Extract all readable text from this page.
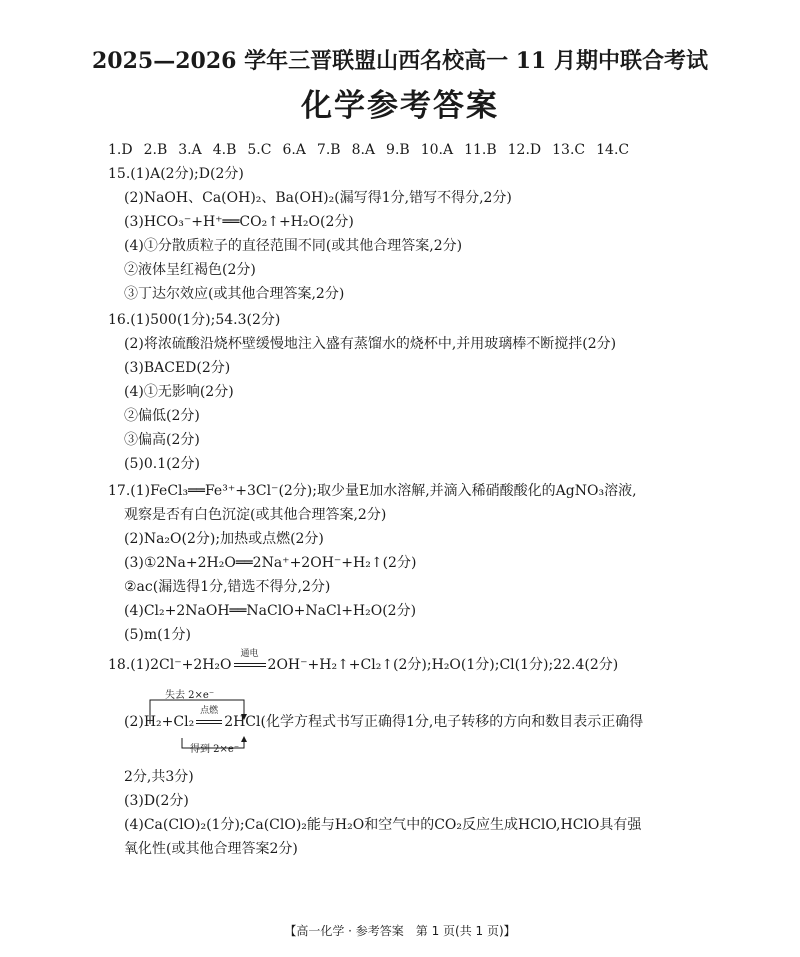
2025—2026 学年三晋联盟山西名校高一 11 月期中联合考试
化学参考答案
1.D 2.B 3.A 4.B 5.C 6.A 7.B 8.A 9.B 10.A 11.B 12.D 13.C 14.C
15.(1)A(2分);D(2分)
(2)NaOH、Ca(OH)₂、Ba(OH)₂(漏写得1分,错写不得分,2分)
(3)HCO₃⁻+H⁺══CO₂↑+H₂O(2分)
(4)①分散质粒子的直径范围不同(或其他合理答案,2分)
②液体呈红褐色(2分)
③丁达尔效应(或其他合理答案,2分)
16.(1)500(1分);54.3(2分)
(2)将浓硫酸沿烧杯壁缓慢地注入盛有蒸馏水的烧杯中,并用玻璃棒不断搅拌(2分)
(3)BACED(2分)
(4)①无影响(2分)
②偏低(2分)
③偏高(2分)
(5)0.1(2分)
17.(1)FeCl₃══Fe³⁺+3Cl⁻(2分);取少量E加水溶解,并滴入稀硝酸酸化的AgNO₃溶液,
观察是否有白色沉淀(或其他合理答案,2分)
(2)Na₂O(2分);加热或点燃(2分)
(3)①2Na+2H₂O══2Na⁺+2OH⁻+H₂↑(2分)
②ac(漏选得1分,错选不得分,2分)
(4)Cl₂+2NaOH══NaClO+NaCl+H₂O(2分)
(5)m(1分)
18.(1)2Cl⁻+2H₂O
通电
2OH⁻+H₂↑+Cl₂↑(2分);H₂O(1分);Cl(1分);22.4(2分)
失去 2×e⁻
得到 2×e⁻
(2)H₂+Cl₂
点燃
2HCl(化学方程式书写正确得1分,电子转移的方向和数目表示正确得
2分,共3分)
(3)D(2分)
(4)Ca(ClO)₂(1分);Ca(ClO)₂能与H₂O和空气中的CO₂反应生成HClO,HClO具有强
氧化性(或其他合理答案2分)
【高一化学 · 参考答案　第 1 页(共 1 页)】
